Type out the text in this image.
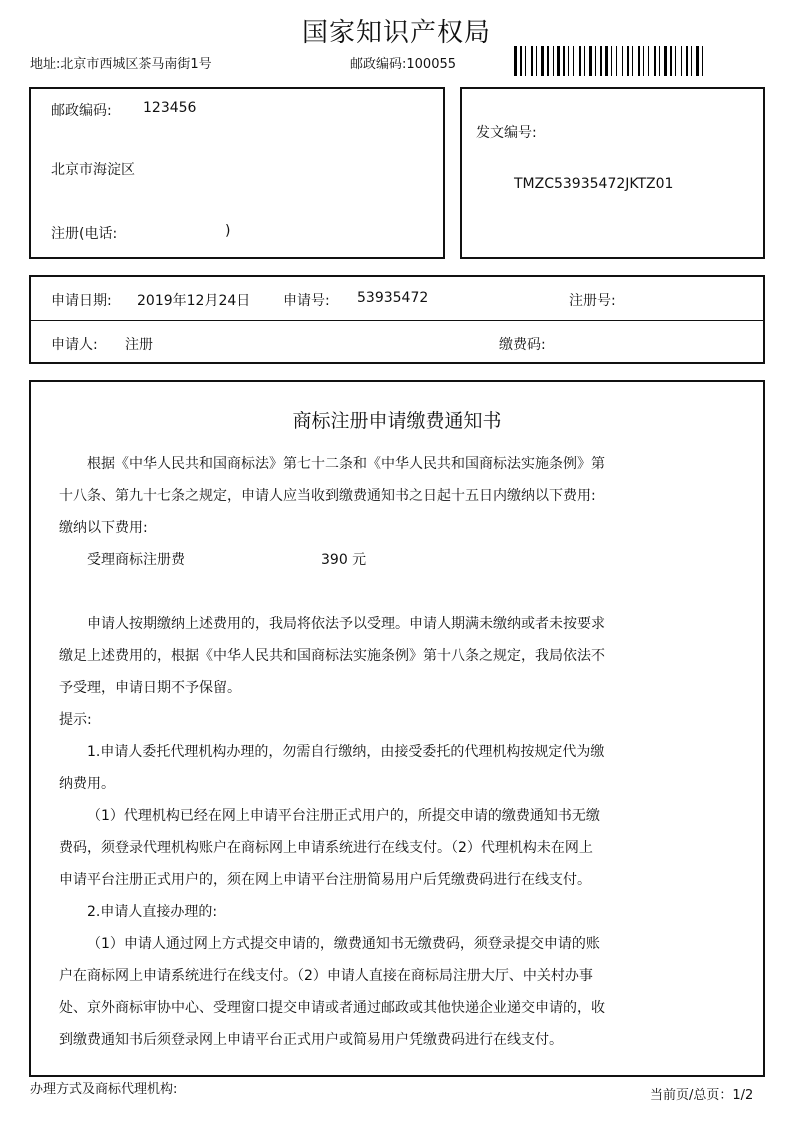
国家知识产权局
地址:北京市西城区茶马南街1号	邮政编码:100055
邮政编码: 123456
北京市海淀区
注册(电话:	)
发文编号:
TMZC53935472JKTZ01
申请日期: 2019年12月24日 申请号: 53935472	注册号:
申请人: 注册	缴费码:
商标注册申请缴费通知书
根据《中华人民共和国商标法》第七十二条和《中华人民共和国商标法实施条例》第
十八条、第九十七条之规定，申请人应当收到缴费通知书之日起十五日内缴纳以下费用:
缴纳以下费用:
受理商标注册费	390 元
申请人按期缴纳上述费用的，我局将依法予以受理。申请人期满未缴纳或者未按要求
缴足上述费用的，根据《中华人民共和国商标法实施条例》第十八条之规定，我局依法不
予受理，申请日期不予保留。
提示:
1.申请人委托代理机构办理的，勿需自行缴纳，由接受委托的代理机构按规定代为缴
纳费用。
（1）代理机构已经在网上申请平台注册正式用户的，所提交申请的缴费通知书无缴
费码，须登录代理机构账户在商标网上申请系统进行在线支付。（2）代理机构未在网上
申请平台注册正式用户的，须在网上申请平台注册简易用户后凭缴费码进行在线支付。
2.申请人直接办理的:
（1）申请人通过网上方式提交申请的，缴费通知书无缴费码，须登录提交申请的账
户在商标网上申请系统进行在线支付。（2）申请人直接在商标局注册大厅、中关村办事
处、京外商标审协中心、受理窗口提交申请或者通过邮政或其他快递企业递交申请的，收
到缴费通知书后须登录网上申请平台正式用户或简易用户凭缴费码进行在线支付。
办理方式及商标代理机构:	当前页/总页：1/2
